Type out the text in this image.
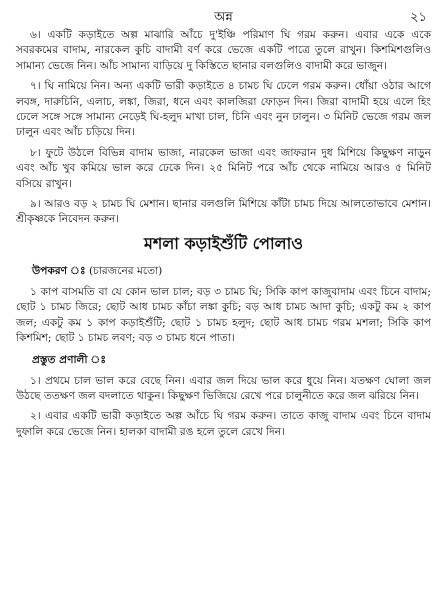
অন্ন	২১

৬। একটি কড়াইতে অল্প মাঝারি আঁচে দু'ইঞ্চি পরিমাণ ঘি গরম করুন। এবার একে একে সবরকমের বাদাম, নারকেল কুচি বাদামী বর্ণ করে ভেজে একটি পাত্রে তুলে রাখুন। কিশমিশগুলিও সামান্য ভেজে নিন। আঁচ সামান্য বাড়িয়ে দু কিস্তিতে ছানার বলগুলিও বাদামী করে ভাজুন।

৭। ঘি নামিয়ে নিন। অন্য একটি ভারী কড়াইতে ৪ চামচ ঘি ঢেলে গরম করুন। ধোঁয়া ওঠার আগে লবঙ্গ, দারুচিনি, এলাচ, লঙ্কা, জিরা, ধনে এবং কালজিরা ফোড়ন দিন। জিরা বাদামী হয়ে এলে হিং ঢেলে সঙ্গে সঙ্গে সামান্য নেড়েই ঘি-হলুদ মাখা চাল, চিনি এবং নুন ঢালুন। ৩ মিনিট ভেজে গরম জল ঢালুন এবং আঁচ চড়িয়ে দিন।

৮। ফুটে উঠলে বিভিন্ন বাদাম ভাজা, নারকেল ভাজা এবং জাফরান দুধ মিশিয়ে কিছুক্ষণ নাড়ুন এবং আঁচ খুব কমিয়ে ভাল করে ঢেকে দিন। ২৫ মিনিট পরে আঁচ থেকে নামিয়ে আরও ৫ মিনিট বসিয়ে রাখুন।

৯। আরও বড় ২ চামচ ঘি মেশান। ছানার বলগুলি মিশিয়ে কাঁটা চামচ দিয়ে আলতোভাবে মেশান। শ্রীকৃষ্ণকে নিবেদন করুন।

মশলা কড়াইশুঁটি পোলাও
উপকরণ ঃ (চারজনের মতো)

১ কাপ বাসমতি বা যে কোন ভাল চাল; বড় ৩ চামচ ঘি; সিকি কাপ কাজুবাদাম এবং চিনে বাদাম; ছোট ১ চামচ জিরে; ছোট আধ চামচ কাঁচা লঙ্কা কুচি; বড় আধ চামচ আদা কুচি; একটু কম ২ কাপ জল; একটু কম ১ কাপ কড়াইশুঁটি; ছোট ১ চামচ হলুদ; ছোট আধ চামচ গরম মশলা; সিকি কাপ কিশমিশ; ছোট ১ চামচ লবণ; বড় ৩ চামচ ধনে পাতা।

প্রস্তুত প্রণালী ঃ

১। প্রথমে চাল ভাল করে বেছে নিন। এবার জল দিয়ে ভাল করে ধুয়ে নিন। যতক্ষণ ঘোলা জল উঠছে ততক্ষণ জল বদলাতে থাকুন। কিছুক্ষণ ভিজিয়ে রেখে পরে চালুনীতে করে জল ঝরিয়ে নিন।

২। এবার একটি ভারী কড়াইতে অল্প আঁচে ঘি গরম করুন। তাতে কাজু বাদাম এবং চিনে বাদাম দুফালি করে ভেজে নিন। হালকা বাদামী রঙ হলে তুলে রেখে দিন।
